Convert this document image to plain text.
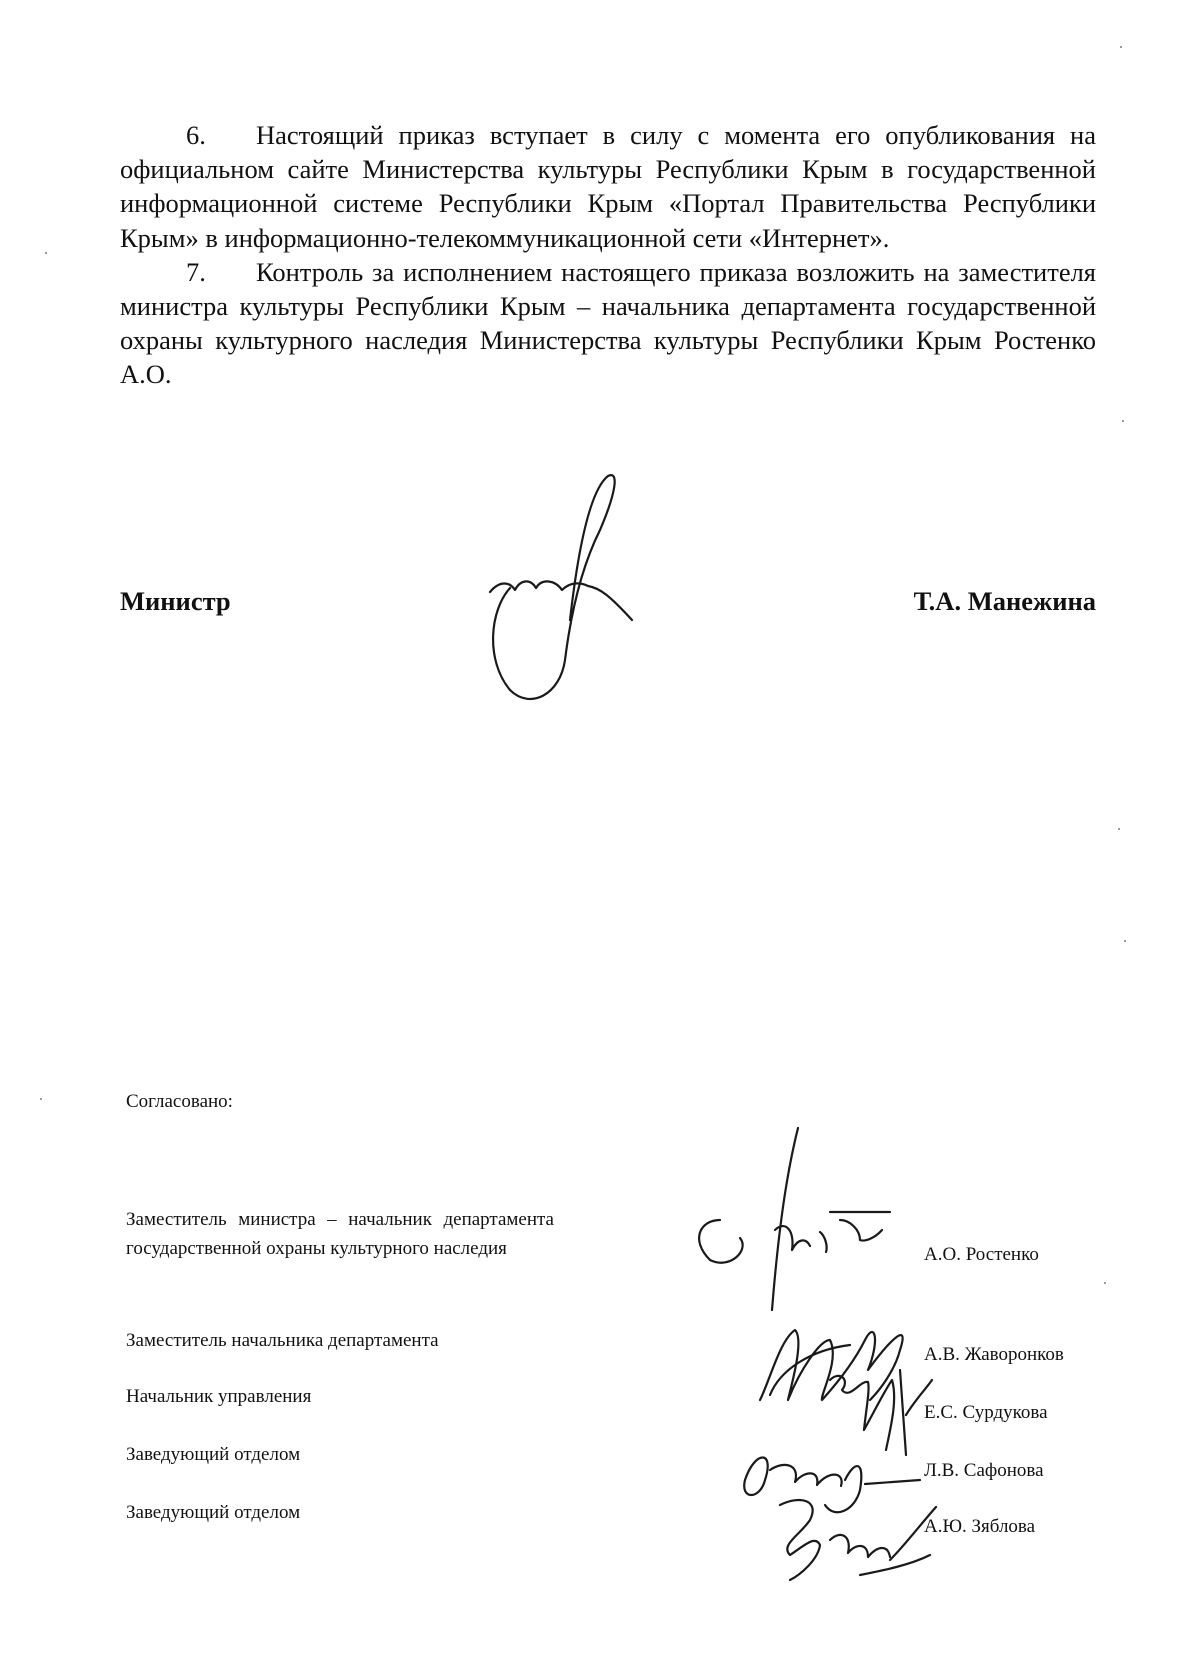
6. Настоящий приказ вступает в силу с момента его опубликования на официальном сайте Министерства культуры Республики Крым в государственной информационной системе Республики Крым «Портал Правительства Республики Крым» в информационно-телекоммуникационной сети «Интернет».

7. Контроль за исполнением настоящего приказа возложить на заместителя министра культуры Республики Крым – начальника департамента государственной охраны культурного наследия Министерства культуры Республики Крым Ростенко А.О.

Министр	Т.А. Манежина
Согласовано:
Заместитель министра – начальник департамента государственной охраны культурного наследия
Заместитель начальника департамента
Начальник управления
Заведующий отделом
Заведующий отделом
А.О. Ростенко
А.В. Жаворонков
Е.С. Сурдукова
Л.В. Сафонова
А.Ю. Зяблова
